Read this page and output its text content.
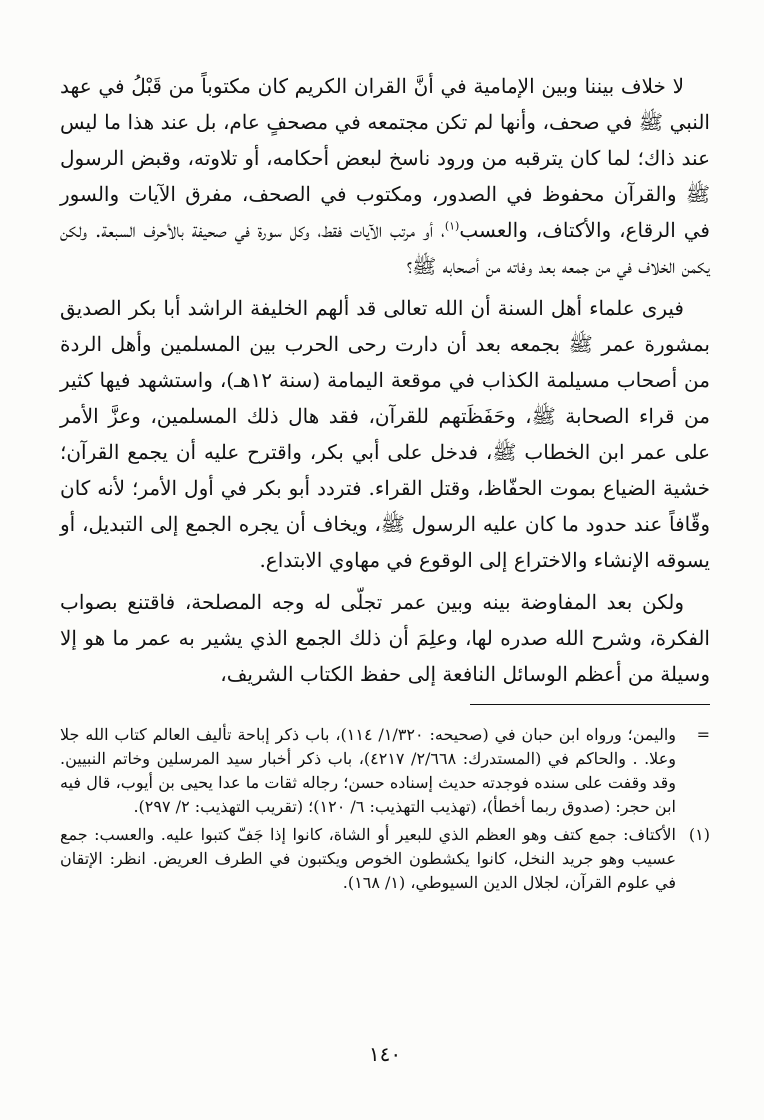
لا خلاف بيننا وبين الإمامية في أنَّ القران الكريم كان مكتوباً من قَبْلُ في عهد النبي ﷺ في صحف، وأنها لم تكن مجتمعه في مصحفٍ عام، بل عند هذا ما ليس عند ذاك؛ لما كان يترقبه من ورود ناسخ لبعض أحكامه، أو تلاوته، وقبض الرسول ﷺ والقرآن محفوظ في الصدور، ومكتوب في الصحف، مفرق الآيات والسور في الرقاع، والأكتاف، والعسب$^{(١)}$، أو مرتب الآيات فقط، وكل سورة في صحيفة بالأحرف السبعة. ولكن يكمن الخلاف في من جمعه بعد وفاته من أصحابه ﷺ؟

فيرى علماء أهل السنة أن الله تعالى قد ألهم الخليفة الراشد أبا بكر الصديق بمشورة عمر ﷺ بجمعه بعد أن دارت رحى الحرب بين المسلمين وأهل الردة من أصحاب مسيلمة الكذاب في موقعة اليمامة (سنة ١٢هـ)، واستشهد فيها كثير من قراء الصحابة ﷺ، وحَفَظَتهم للقرآن، فقد هال ذلك المسلمين، وعزَّ الأمر على عمر ابن الخطاب ﷺ، فدخل على أبي بكر، واقترح عليه أن يجمع القرآن؛ خشية الضياع بموت الحفّاظ، وقتل القراء. فتردد أبو بكر في أول الأمر؛ لأنه كان وقّافاً عند حدود ما كان عليه الرسول ﷺ، ويخاف أن يجره الجمع إلى التبديل، أو يسوقه الإنشاء والاختراع إلى الوقوع في مهاوي الابتداع.

ولكن بعد المفاوضة بينه وبين عمر تجلّى له وجه المصلحة، فاقتنع بصواب الفكرة، وشرح الله صدره لها، وعلِمَ أن ذلك الجمع الذي يشير به عمر ما هو إلا وسيلة من أعظم الوسائل النافعة إلى حفظ الكتاب الشريف،

=
واليمن؛ ورواه ابن حبان في (صحيحه: ١/٣٢٠/ ١١٤)، باب ذكر إباحة تأليف العالم كتاب الله جلا وعلا. . والحاكم في (المستدرك: ٢/٦٦٨/ ٤٢١٧)، باب ذكر أخبار سيد المرسلين وخاتم النبيين. وقد وقفت على سنده فوجدته حديث إسناده حسن؛ رجاله ثقات ما عدا يحيى بن أيوب، قال فيه ابن حجر: (صدوق ربما أخطأ)، (تهذيب التهذيب: ٦/ ١٢٠)؛ (تقريب التهذيب: ٢/ ٢٩٧).
(١)
الأكتاف: جمع كتف وهو العظم الذي للبعير أو الشاة، كانوا إذا جَفّ كتبوا عليه. والعسب: جمع عسيب وهو جريد النخل، كانوا يكشطون الخوص ويكتبون في الطرف العريض. انظر: الإتقان في علوم القرآن، لجلال الدين السيوطي، (١/ ١٦٨).
١٤٠
